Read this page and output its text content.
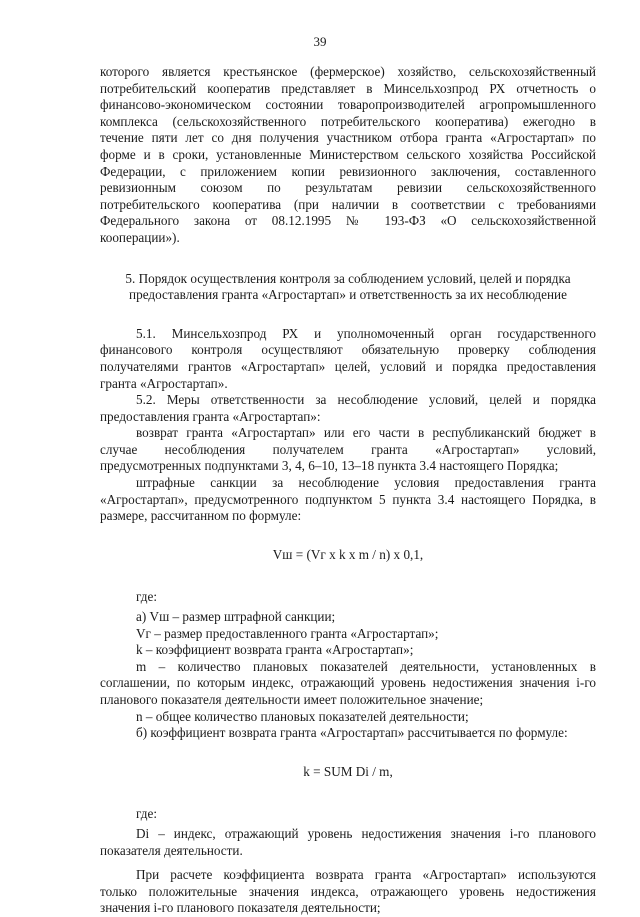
39
которого является крестьянское (фермерское) хозяйство, сельскохозяйственный
потребительский кооператив представляет в Минсельхозпрод РХ отчетность о
финансово-экономическом состоянии товаропроизводителей агропромышленного
комплекса (сельскохозяйственного потребительского кооператива) ежегодно в
течение пяти лет со дня получения участником отбора гранта «Агростартап» по
форме и в сроки, установленные Министерством сельского хозяйства Российской
Федерации, с приложением копии ревизионного заключения, составленного
ревизионным союзом по результатам ревизии сельскохозяйственного
потребительского кооператива (при наличии в соответствии с требованиями
Федерального закона от 08.12.1995 № 193-ФЗ «О сельскохозяйственной
кооперации»).
5. Порядок осуществления контроля за соблюдением условий, целей и порядка
предоставления гранта «Агростартап» и ответственность за их несоблюдение
5.1. Минсельхозпрод РХ и уполномоченный орган государственного
финансового контроля осуществляют обязательную проверку соблюдения
получателями грантов «Агростартап» целей, условий и порядка предоставления
гранта «Агростартап».
5.2. Меры ответственности за несоблюдение условий, целей и порядка
предоставления гранта «Агростартап»:
возврат гранта «Агростартап» или его части в республиканский бюджет в
случае несоблюдения получателем гранта «Агростартап» условий,
предусмотренных подпунктами 3, 4, 6–10, 13–18 пункта 3.4 настоящего Порядка;
штрафные санкции за несоблюдение условия предоставления гранта
«Агростартап», предусмотренного подпунктом 5 пункта 3.4 настоящего Порядка, в
размере, рассчитанном по формуле:
Vш = (Vг x k x m / n) x 0,1,
где:
а) Vш – размер штрафной санкции;
Vг – размер предоставленного гранта «Агростартап»;
k – коэффициент возврата гранта «Агростартап»;
m – количество плановых показателей деятельности, установленных в
соглашении, по которым индекс, отражающий уровень недостижения значения i-го
планового показателя деятельности имеет положительное значение;
n – общее количество плановых показателей деятельности;
б) коэффициент возврата гранта «Агростартап» рассчитывается по формуле:
k = SUM Di / m,
где:
Di – индекс, отражающий уровень недостижения значения i-го планового
показателя деятельности.
При расчете коэффициента возврата гранта «Агростартап» используются
только положительные значения индекса, отражающего уровень недостижения
значения i-го планового показателя деятельности;
